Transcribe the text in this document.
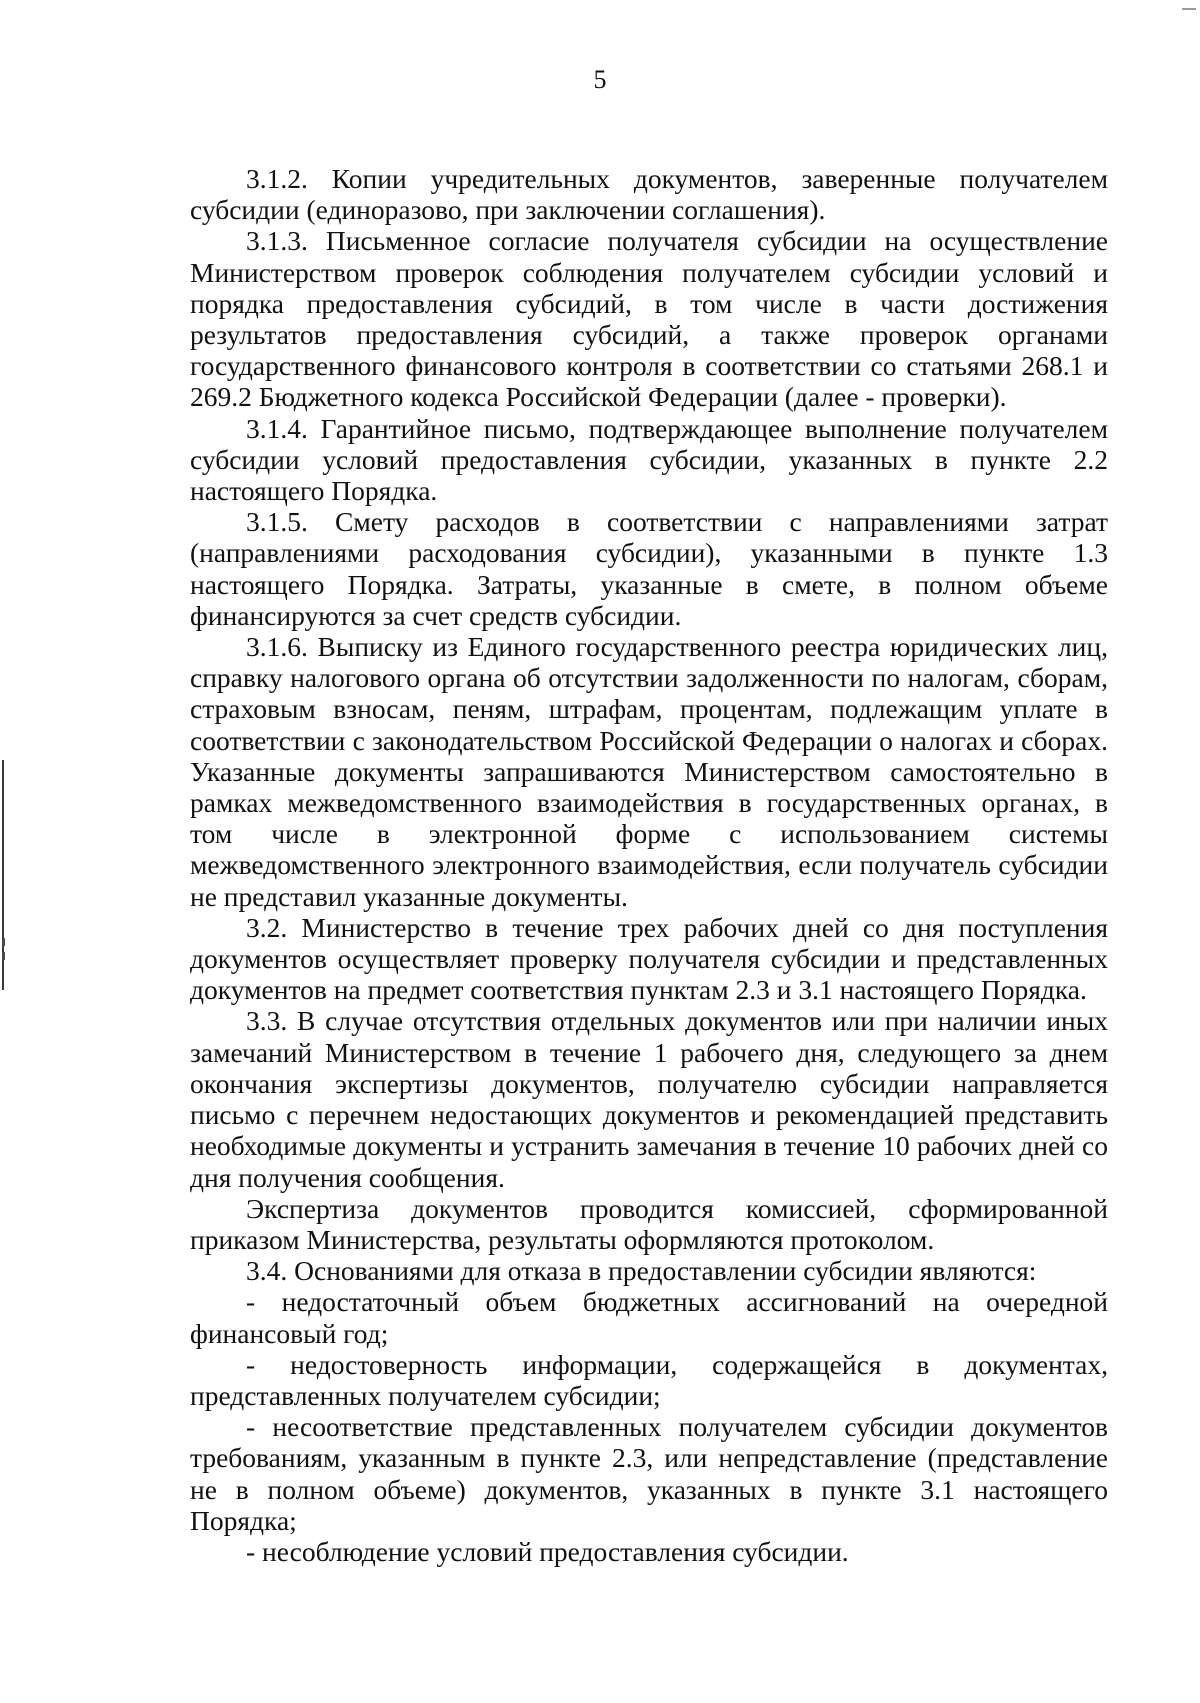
5

3.1.2. Копии учредительных документов, заверенные получателем субсидии (единоразово, при заключении соглашения).

3.1.3. Письменное согласие получателя субсидии на осуществление Министерством проверок соблюдения получателем субсидии условий и порядка предоставления субсидий, в том числе в части достижения результатов предоставления субсидий, а также проверок органами государственного финансового контроля в соответствии со статьями 268.1 и 269.2 Бюджетного кодекса Российской Федерации (далее - проверки).

3.1.4. Гарантийное письмо, подтверждающее выполнение получателем субсидии условий предоставления субсидии, указанных в пункте 2.2 настоящего Порядка.

3.1.5. Смету расходов в соответствии с направлениями затрат (направлениями расходования субсидии), указанными в пункте 1.3 настоящего Порядка. Затраты, указанные в смете, в полном объеме финансируются за счет средств субсидии.

3.1.6. Выписку из Единого государственного реестра юридических лиц, справку налогового органа об отсутствии задолженности по налогам, сборам, страховым взносам, пеням, штрафам, процентам, подлежащим уплате в соответствии с законодательством Российской Федерации о налогах и сборах. Указанные документы запрашиваются Министерством самостоятельно в рамках межведомственного взаимодействия в государственных органах, в том числе в электронной форме с использованием системы межведомственного электронного взаимодействия, если получатель субсидии не представил указанные документы.

3.2. Министерство в течение трех рабочих дней со дня поступления документов осуществляет проверку получателя субсидии и представленных документов на предмет соответствия пунктам 2.3 и 3.1 настоящего Порядка.

3.3. В случае отсутствия отдельных документов или при наличии иных замечаний Министерством в течение 1 рабочего дня, следующего за днем окончания экспертизы документов, получателю субсидии направляется письмо с перечнем недостающих документов и рекомендацией представить необходимые документы и устранить замечания в течение 10 рабочих дней со дня получения сообщения.

Экспертиза документов проводится комиссией, сформированной приказом Министерства, результаты оформляются протоколом.

3.4. Основаниями для отказа в предоставлении субсидии являются:

- недостаточный объем бюджетных ассигнований на очередной финансовый год;

- недостоверность информации, содержащейся в документах, представленных получателем субсидии;

- несоответствие представленных получателем субсидии документов требованиям, указанным в пункте 2.3, или непредставление (представление не в полном объеме) документов, указанных в пункте 3.1 настоящего Порядка;

- несоблюдение условий предоставления субсидии.
